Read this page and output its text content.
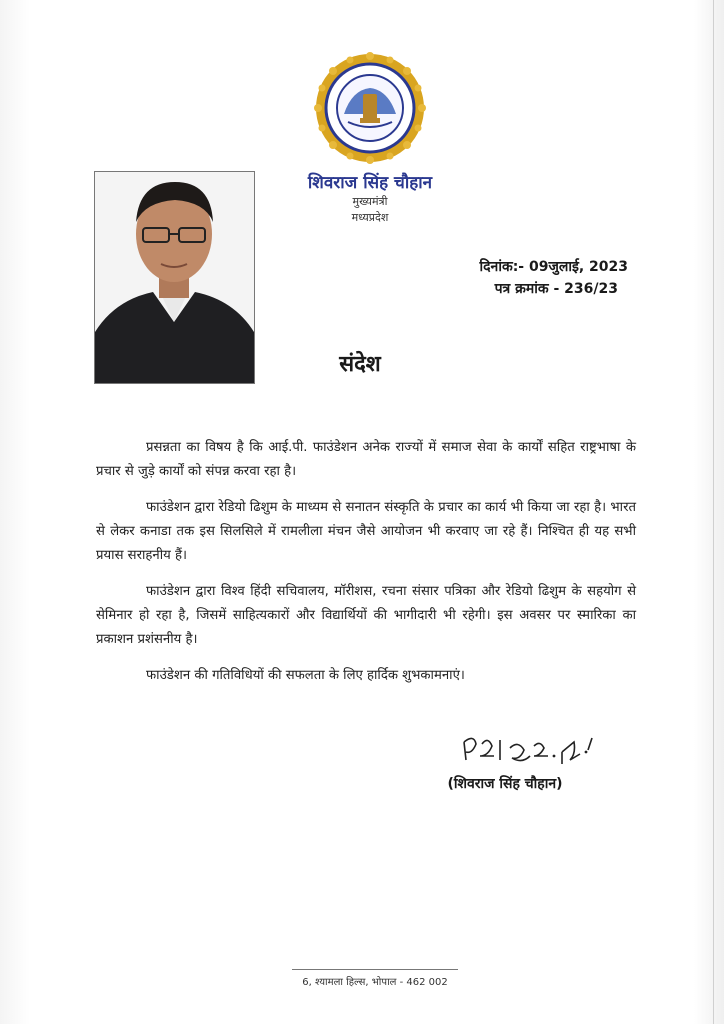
शिवराज सिंह चौहान
मुख्यमंत्री
मध्यप्रदेश
दिनांक:- 09जुलाई, 2023
पत्र क्रमांक - 236/23
संदेश

प्रसन्नता का विषय है कि आई.पी. फाउंडेशन अनेक राज्यों में समाज सेवा के कार्यों सहित राष्ट्रभाषा के प्रचार से जुड़े कार्यों को संपन्न करवा रहा है।

फाउंडेशन द्वारा रेडियो ढिशुम के माध्यम से सनातन संस्कृति के प्रचार का कार्य भी किया जा रहा है। भारत से लेकर कनाडा तक इस सिलसिले में रामलीला मंचन जैसे आयोजन भी करवाए जा रहे हैं। निश्चित ही यह सभी प्रयास सराहनीय हैं।

फाउंडेशन द्वारा विश्व हिंदी सचिवालय, मॉरीशस, रचना संसार पत्रिका और रेडियो ढिशुम के सहयोग से सेमिनार हो रहा है, जिसमें साहित्यकारों और विद्यार्थियों की भागीदारी भी रहेगी। इस अवसर पर स्मारिका का प्रकाशन प्रशंसनीय है।

फाउंडेशन की गतिविधियों की सफलता के लिए हार्दिक शुभकामनाएं।

(शिवराज सिंह चौहान)
6, श्यामला हिल्स, भोपाल - 462 002
